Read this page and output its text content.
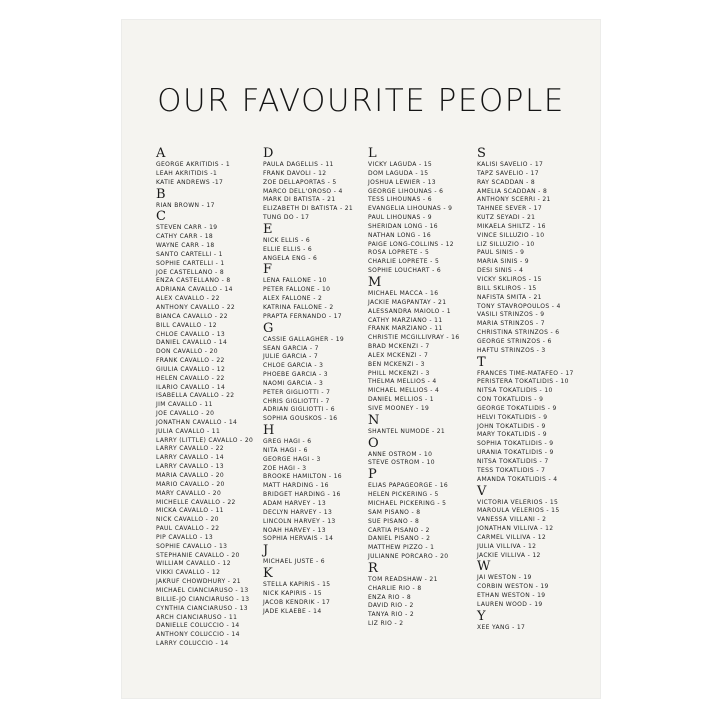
OUR FAVOURITE PEOPLE
A
GEORGE AKRITIDIS - 1
LEAH AKRITIDIS -1
KATIE ANDREWS -17
B
RIAN BROWN - 17
C
STEVEN CARR - 19
CATHY CARR - 18
WAYNE CARR - 18
SANTO CARTELLI - 1
SOPHIE CARTELLI - 1
JOE CASTELLANO - 8
ENZA CASTELLANO - 8
ADRIANA CAVALLO - 14
ALEX CAVALLO - 22
ANTHONY CAVALLO - 22
BIANCA CAVALLO - 22
BILL CAVALLO - 12
CHLOE CAVALLO - 13
DANIEL CAVALLO - 14
DON CAVALLO - 20
FRANK CAVALLO - 22
GIULIA CAVALLO - 12
HELEN CAVALLO - 22
ILARIO CAVALLO - 14
ISABELLA CAVALLO - 22
JIM CAVALLO - 11
JOE CAVALLO - 20
JONATHAN CAVALLO - 14
JULIA CAVALLO - 11
LARRY (LITTLE) CAVALLO - 20
LARRY CAVALLO - 22
LARRY CAVALLO - 14
LARRY CAVALLO - 13
MARIA CAVALLO - 20
MARIO CAVALLO - 20
MARY CAVALLO - 20
MICHELLE CAVALLO - 22
MICKA CAVALLO - 11
NICK CAVALLO - 20
PAUL CAVALLO - 22
PIP CAVALLO - 13
SOPHIE CAVALLO - 13
STEPHANIE CAVALLO - 20
WILLIAM CAVALLO - 12
VIKKI CAVALLO - 12
JAKRUF CHOWDHURY - 21
MICHAEL CIANCIARUSO - 13
BILLIE-JO CIANCIARUSO - 13
CYNTHIA CIANCIARUSO - 13
ARCH CIANCIARUSO - 11
DANIELLE COLUCCIO - 14
ANTHONY COLUCCIO - 14
LARRY COLUCCIO - 14
D
PAULA DAGELLIS - 11
FRANK DAVOLI - 12
ZOE DELLAPORTAS - 5
MARCO DELL'OROSO - 4
MARK DI BATISTA - 21
ELIZABETH DI BATISTA - 21
TUNG DO - 17
E
NICK ELLIS - 6
ELLIE ELLIS - 6
ANGELA ENG - 6
F
LENA FALLONE - 10
PETER FALLONE - 10
ALEX FALLONE - 2
KATRINA FALLONE - 2
PRAPTA FERNANDO - 17
G
CASSIE GALLAGHER - 19
SEAN GARCIA - 7
JULIE GARCIA - 7
CHLOE GARCIA - 3
PHOEBE GARCIA - 3
NAOMI GARCIA - 3
PETER GIGLIOTTI - 7
CHRIS GIGLIOTTI - 7
ADRIAN GIGLIOTTI - 6
SOPHIA GOUSKOS - 16
H
GREG HAGI - 6
NITA HAGI - 6
GEORGE HAGI - 3
ZOE HAGI - 3
BROOKE HAMILTON - 16
MATT HARDING - 16
BRIDGET HARDING - 16
ADAM HARVEY - 13
DECLYN HARVEY - 13
LINCOLN HARVEY - 13
NOAH HARVEY - 13
SOPHIA HERVAIS - 14
J
MICHAEL JUSTE - 6
K
STELLA KAPIRIS - 15
NICK KAPIRIS - 15
JACOB KENDRIK - 17
JADE KLAEBE - 14
L
VICKY LAGUDA - 15
DOM LAGUDA - 15
JOSHUA LEWIER - 13
GEORGE LIHOUNAS - 6
TESS LIHOUNAS - 6
EVANGELIA LIHOUNAS - 9
PAUL LIHOUNAS - 9
SHERIDAN LONG - 16
NATHAN LONG - 16
PAIGE LONG-COLLINS - 12
ROSA LOPRETE - 5
CHARLIE LOPRETE - 5
SOPHIE LOUCHART - 6
M
MICHAEL MACCA - 16
JACKIE MAGPANTAY - 21
ALESSANDRA MAIOLO - 1
CATHY MARZIANO - 11
FRANK MARZIANO - 11
CHRISTIE MCGILLIVRAY - 16
BRAD MCKENZI - 7
ALEX MCKENZI - 7
BEN MCKENZI - 3
PHILL MCKENZI - 3
THELMA MELLIOS - 4
MICHAEL MELLIOS - 4
DANIEL MELLIOS - 1
SIVE MOONEY - 19
N
SHANTEL NUMODE - 21
O
ANNE OSTROM - 10
STEVE OSTROM - 10
P
ELIAS PAPAGEORGE - 16
HELEN PICKERING - 5
MICHAEL PICKERING - 5
SAM PISANO - 8
SUE PISANO - 8
CARTIA PISANO - 2
DANIEL PISANO - 2
MATTHEW PIZZO - 1
JULIANNE PORCARO - 20
R
TOM READSHAW - 21
CHARLIE RIO - 8
ENZA RIO - 8
DAVID RIO - 2
TANYA RIO - 2
LIZ RIO - 2
S
KALISI SAVELIO - 17
TAPZ SAVELIO - 17
RAY SCADDAN - 8
AMELIA SCADDAN - 8
ANTHONY SCERRI - 21
TAHNEE SEVER - 17
KUTZ SEYADI - 21
MIKAELA SHILTZ - 16
VINCE SILLUZIO - 10
LIZ SILLUZIO - 10
PAUL SINIS - 9
MARIA SINIS - 9
DESI SINIS - 4
VICKY SKLIROS - 15
BILL SKLIROS - 15
NAFISTA SMITA - 21
TONY STAVROPOULOS - 4
VASILI STRINZOS - 9
MARIA STRINZOS - 7
CHRISTINA STRINZOS - 6
GEORGE STRINZOS - 6
HAFTU STRINZOS - 3
T
FRANCES TIME-MATAFEO - 17
PERISTERA TOKATLIDIS - 10
NITSA TOKATLIDIS - 10
CON TOKATLIDIS - 9
GEORGE TOKATLIDIS - 9
HELVI TOKATLIDIS - 9
JOHN TOKATLIDIS - 9
MARY TOKATLIDIS - 9
SOPHIA TOKATLIDIS - 9
URANIA TOKATLIDIS - 9
NITSA TOKATLIDIS - 7
TESS TOKATLIDIS - 7
AMANDA TOKATLIDIS - 4
V
VICTORIA VELERIOS - 15
MAROULA VELERIOS - 15
VANESSA VILLANI - 2
JONATHAN VILLIVA - 12
CARMEL VILLIVA - 12
JULIA VILLIVA - 12
JACKIE VILLIVA - 12
W
JAI WESTON - 19
CORBIN WESTON - 19
ETHAN WESTON - 19
LAUREN WOOD - 19
Y
XEE YANG - 17
